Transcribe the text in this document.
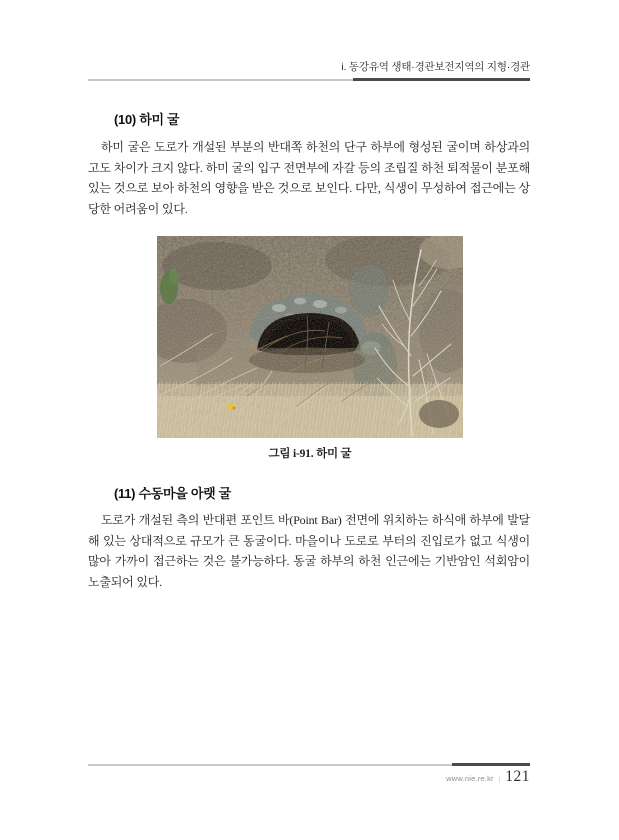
i. 동강유역 생태·경관보전지역의 지형·경관
(10) 하미 굴

하미 굴은 도로가 개설된 부분의 반대쪽 하천의 단구 하부에 형성된 굴이며 하상과의 고도 차이가 크지 않다. 하미 굴의 입구 전면부에 자갈 등의 조립질 하천 퇴적물이 분포해 있는 것으로 보아 하천의 영향을 받은 것으로 보인다. 다만, 식생이 무성하여 접근에는 상당한 어려움이 있다.

그림 i-91. 하미 굴
(11) 수동마을 아랫 굴

도로가 개설된 측의 반대편 포인트 바(Point Bar) 전면에 위치하는 하식애 하부에 발달해 있는 상대적으로 규모가 큰 동굴이다. 마을이나 도로로 부터의 진입로가 없고 식생이 많아 가까이 접근하는 것은 불가능하다. 동굴 하부의 하천 인근에는 기반암인 석회암이 노출되어 있다.

www.nie.re.kr | 121
